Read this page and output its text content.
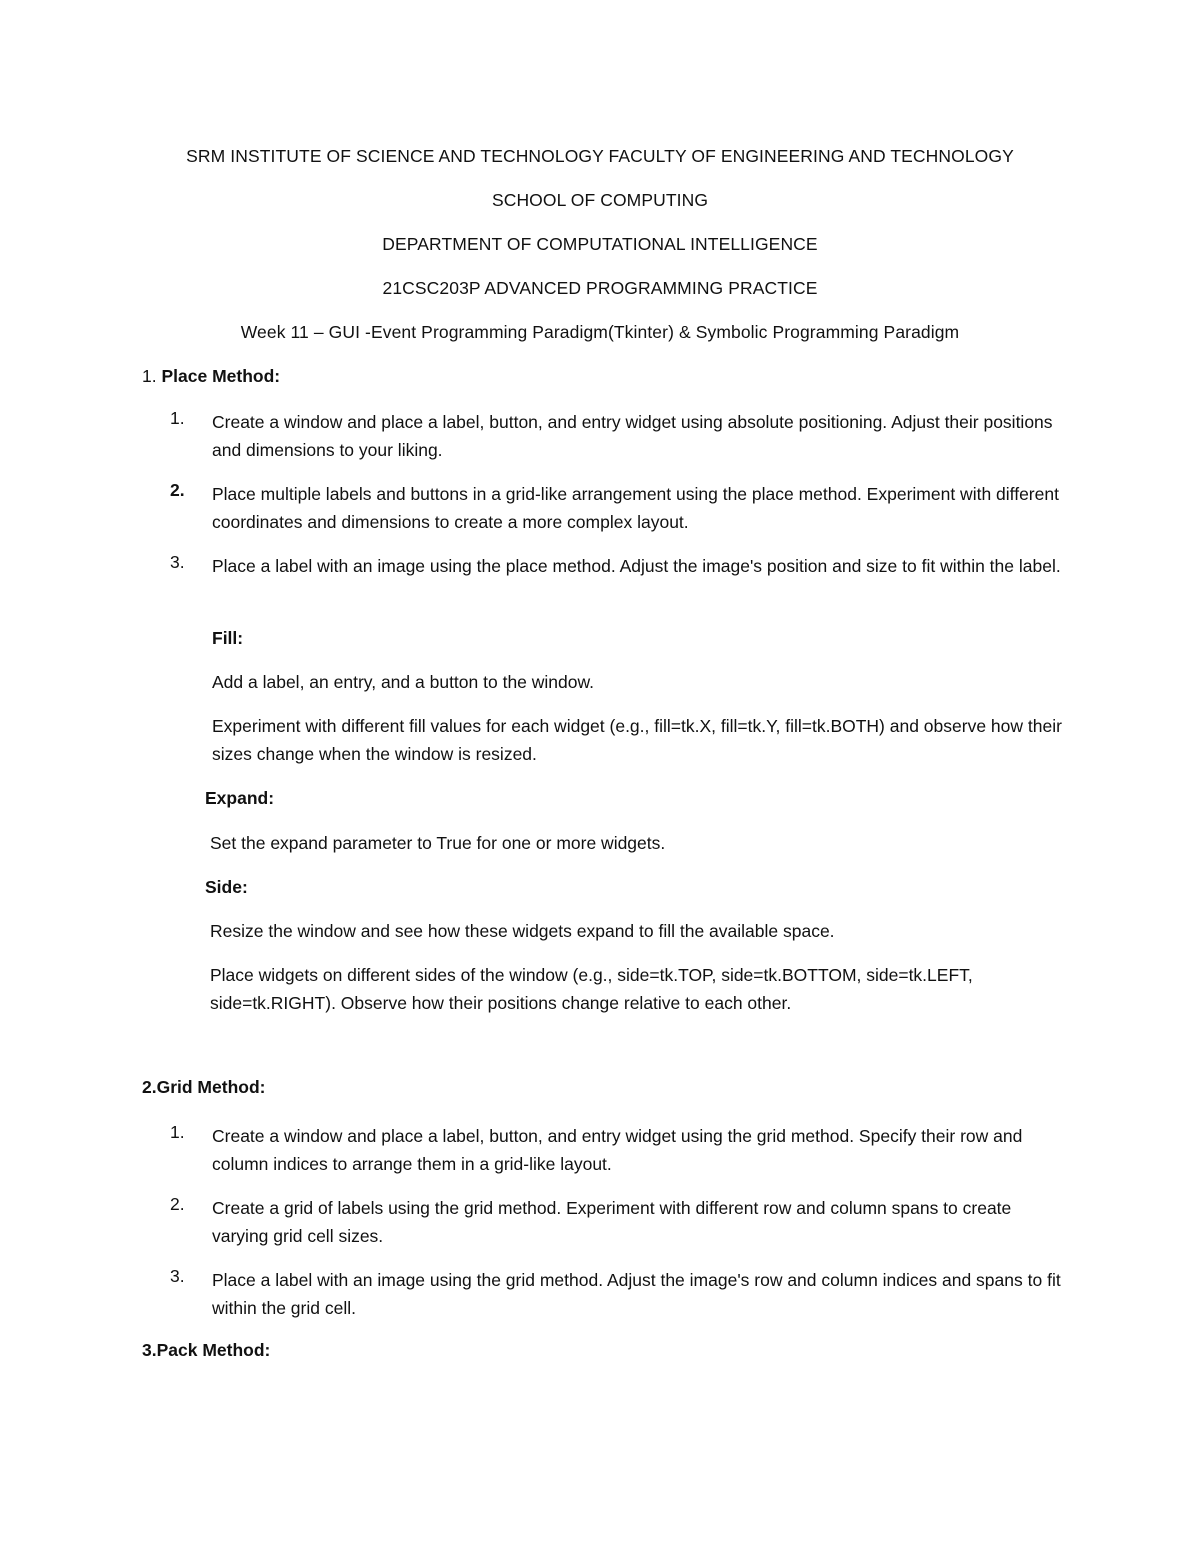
SRM INSTITUTE OF SCIENCE AND TECHNOLOGY FACULTY OF ENGINEERING AND TECHNOLOGY
SCHOOL OF COMPUTING
DEPARTMENT OF COMPUTATIONAL INTELLIGENCE
21CSC203P ADVANCED PROGRAMMING PRACTICE
Week 11 – GUI -Event Programming Paradigm(Tkinter) & Symbolic Programming Paradigm
1. Place Method:
1. Create a window and place a label, button, and entry widget using absolute positioning. Adjust their positions and dimensions to your liking.
2. Place multiple labels and buttons in a grid-like arrangement using the place method. Experiment with different coordinates and dimensions to create a more complex layout.
3. Place a label with an image using the place method. Adjust the image's position and size to fit within the label.
Fill:
Add a label, an entry, and a button to the window.
Experiment with different fill values for each widget (e.g., fill=tk.X, fill=tk.Y, fill=tk.BOTH) and observe how their sizes change when the window is resized.
Expand:
Set the expand parameter to True for one or more widgets.
Side:
Resize the window and see how these widgets expand to fill the available space.
Place widgets on different sides of the window (e.g., side=tk.TOP, side=tk.BOTTOM, side=tk.LEFT, side=tk.RIGHT). Observe how their positions change relative to each other.
2.Grid Method:
1. Create a window and place a label, button, and entry widget using the grid method. Specify their row and column indices to arrange them in a grid-like layout.
2. Create a grid of labels using the grid method. Experiment with different row and column spans to create varying grid cell sizes.
3. Place a label with an image using the grid method. Adjust the image's row and column indices and spans to fit within the grid cell.
3.Pack Method:
